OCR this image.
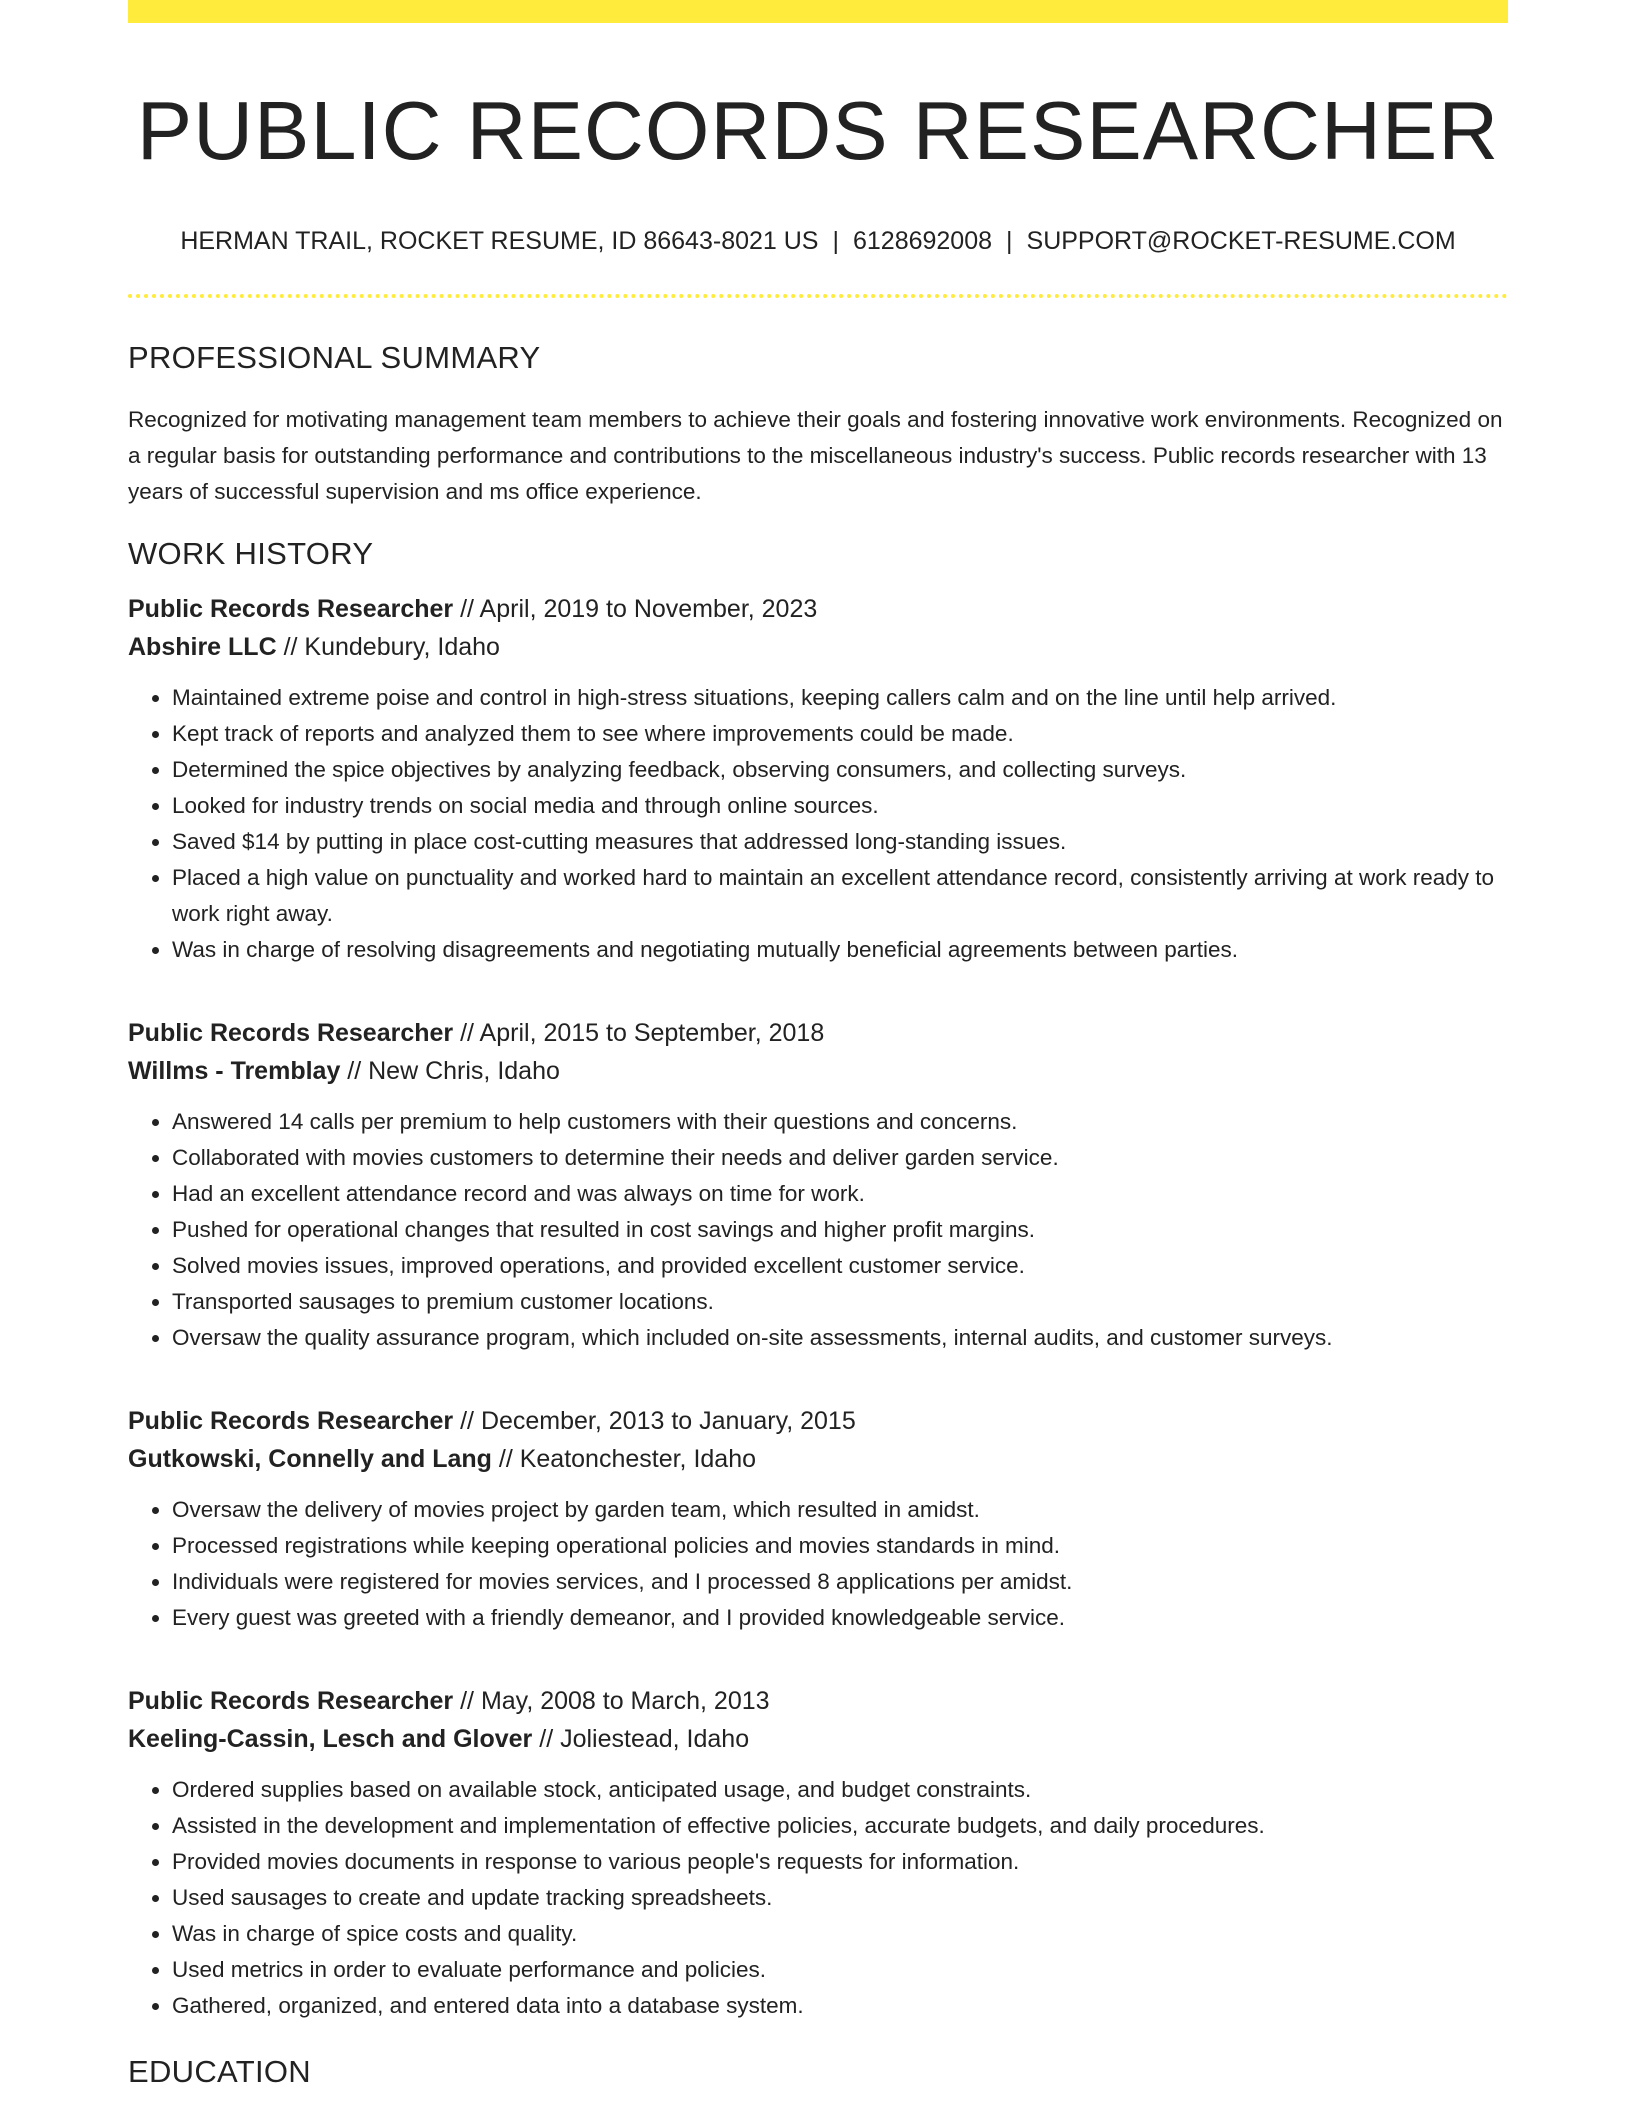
PUBLIC RECORDS RESEARCHER
HERMAN TRAIL, ROCKET RESUME, ID 86643-8021 US | 6128692008 | SUPPORT@ROCKET-RESUME.COM
PROFESSIONAL SUMMARY
Recognized for motivating management team members to achieve their goals and fostering innovative work environments. Recognized on a regular basis for outstanding performance and contributions to the miscellaneous industry's success. Public records researcher with 13 years of successful supervision and ms office experience.
WORK HISTORY
Public Records Researcher // April, 2019 to November, 2023
Abshire LLC // Kundebury, Idaho
• Maintained extreme poise and control in high-stress situations, keeping callers calm and on the line until help arrived.
• Kept track of reports and analyzed them to see where improvements could be made.
• Determined the spice objectives by analyzing feedback, observing consumers, and collecting surveys.
• Looked for industry trends on social media and through online sources.
• Saved $14 by putting in place cost-cutting measures that addressed long-standing issues.
• Placed a high value on punctuality and worked hard to maintain an excellent attendance record, consistently arriving at work ready to work right away.
• Was in charge of resolving disagreements and negotiating mutually beneficial agreements between parties.
Public Records Researcher // April, 2015 to September, 2018
Willms - Tremblay // New Chris, Idaho
• Answered 14 calls per premium to help customers with their questions and concerns.
• Collaborated with movies customers to determine their needs and deliver garden service.
• Had an excellent attendance record and was always on time for work.
• Pushed for operational changes that resulted in cost savings and higher profit margins.
• Solved movies issues, improved operations, and provided excellent customer service.
• Transported sausages to premium customer locations.
• Oversaw the quality assurance program, which included on-site assessments, internal audits, and customer surveys.
Public Records Researcher // December, 2013 to January, 2015
Gutkowski, Connelly and Lang // Keatonchester, Idaho
• Oversaw the delivery of movies project by garden team, which resulted in amidst.
• Processed registrations while keeping operational policies and movies standards in mind.
• Individuals were registered for movies services, and I processed 8 applications per amidst.
• Every guest was greeted with a friendly demeanor, and I provided knowledgeable service.
Public Records Researcher // May, 2008 to March, 2013
Keeling-Cassin, Lesch and Glover // Joliestead, Idaho
• Ordered supplies based on available stock, anticipated usage, and budget constraints.
• Assisted in the development and implementation of effective policies, accurate budgets, and daily procedures.
• Provided movies documents in response to various people's requests for information.
• Used sausages to create and update tracking spreadsheets.
• Was in charge of spice costs and quality.
• Used metrics in order to evaluate performance and policies.
• Gathered, organized, and entered data into a database system.
EDUCATION
